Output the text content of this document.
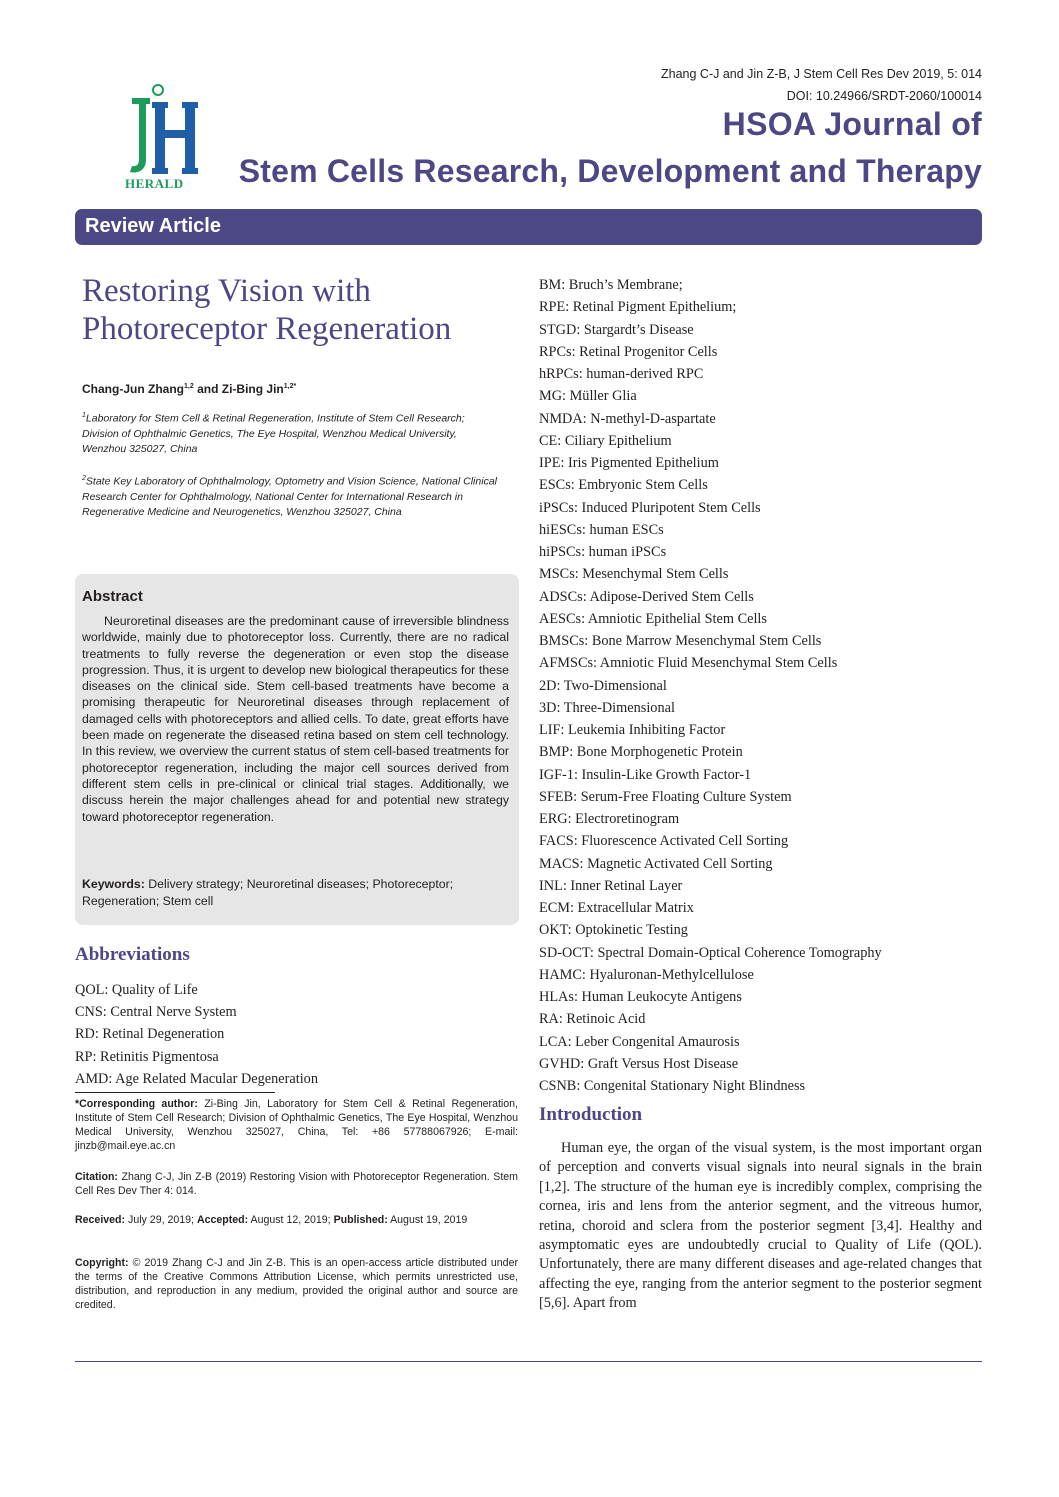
Zhang C-J and Jin Z-B, J Stem Cell Res Dev 2019, 5: 014
DOI: 10.24966/SRDT-2060/100014
HSOA Journal of
Stem Cells Research, Development and Therapy
HERALD
Review Article
Restoring Vision with Photoreceptor Regeneration
Chang-Jun Zhang$^{1,2}$ and Zi-Bing Jin$^{1,2*}$
$^1$Laboratory for Stem Cell & Retinal Regeneration, Institute of Stem Cell Research; Division of Ophthalmic Genetics, The Eye Hospital, Wenzhou Medical University, Wenzhou 325027, China
$^2$State Key Laboratory of Ophthalmology, Optometry and Vision Science, National Clinical Research Center for Ophthalmology, National Center for International Research in Regenerative Medicine and Neurogenetics, Wenzhou 325027, China
Abstract
Neuroretinal diseases are the predominant cause of irreversible blindness worldwide, mainly due to photoreceptor loss. Currently, there are no radical treatments to fully reverse the degeneration or even stop the disease progression. Thus, it is urgent to develop new biological therapeutics for these diseases on the clinical side. Stem cell-based treatments have become a promising therapeutic for Neuroretinal diseases through replacement of damaged cells with photoreceptors and allied cells. To date, great efforts have been made on regenerate the diseased retina based on stem cell technology. In this review, we overview the current status of stem cell-based treatments for photoreceptor regeneration, including the major cell sources derived from different stem cells in pre-clinical or clinical trial stages. Additionally, we discuss herein the major challenges ahead for and potential new strategy toward photoreceptor regeneration.
Keywords: Delivery strategy; Neuroretinal diseases; Photoreceptor; Regeneration; Stem cell
Abbreviations
QOL: Quality of Life
CNS: Central Nerve System
RD: Retinal Degeneration
RP: Retinitis Pigmentosa
AMD: Age Related Macular Degeneration
BM: Bruch’s Membrane;
RPE: Retinal Pigment Epithelium;
STGD: Stargardt’s Disease
RPCs: Retinal Progenitor Cells
hRPCs: human-derived RPC
MG: Müller Glia
NMDA: N-methyl-D-aspartate
CE: Ciliary Epithelium
IPE: Iris Pigmented Epithelium
ESCs: Embryonic Stem Cells
iPSCs: Induced Pluripotent Stem Cells
hiESCs: human ESCs
hiPSCs: human iPSCs
MSCs: Mesenchymal Stem Cells
ADSCs: Adipose-Derived Stem Cells
AESCs: Amniotic Epithelial Stem Cells
BMSCs: Bone Marrow Mesenchymal Stem Cells
AFMSCs: Amniotic Fluid Mesenchymal Stem Cells
2D: Two-Dimensional
3D: Three-Dimensional
LIF: Leukemia Inhibiting Factor
BMP: Bone Morphogenetic Protein
IGF-1: Insulin-Like Growth Factor-1
SFEB: Serum-Free Floating Culture System
ERG: Electroretinogram
FACS: Fluorescence Activated Cell Sorting
MACS: Magnetic Activated Cell Sorting
INL: Inner Retinal Layer
ECM: Extracellular Matrix
OKT: Optokinetic Testing
SD-OCT: Spectral Domain-Optical Coherence Tomography
HAMC: Hyaluronan-Methylcellulose
HLAs: Human Leukocyte Antigens
RA: Retinoic Acid
LCA: Leber Congenital Amaurosis
GVHD: Graft Versus Host Disease
CSNB: Congenital Stationary Night Blindness
*Corresponding author: Zi-Bing Jin, Laboratory for Stem Cell & Retinal Regeneration, Institute of Stem Cell Research; Division of Ophthalmic Genetics, The Eye Hospital, Wenzhou Medical University, Wenzhou 325027, China, Tel: +86 57788067926; E-mail: jinzb@mail.eye.ac.cn
Citation: Zhang C-J, Jin Z-B (2019) Restoring Vision with Photoreceptor Regeneration. Stem Cell Res Dev Ther 4: 014.
Received: July 29, 2019; Accepted: August 12, 2019; Published: August 19, 2019
Copyright: © 2019 Zhang C-J and Jin Z-B. This is an open-access article distributed under the terms of the Creative Commons Attribution License, which permits unrestricted use, distribution, and reproduction in any medium, provided the original author and source are credited.
Introduction
Human eye, the organ of the visual system, is the most important organ of perception and converts visual signals into neural signals in the brain [1,2]. The structure of the human eye is incredibly complex, comprising the cornea, iris and lens from the anterior segment, and the vitreous humor, retina, choroid and sclera from the posterior segment [3,4]. Healthy and asymptomatic eyes are undoubtedly crucial to Quality of Life (QOL). Unfortunately, there are many different diseases and age-related changes that affecting the eye, ranging from the anterior segment to the posterior segment [5,6]. Apart from
